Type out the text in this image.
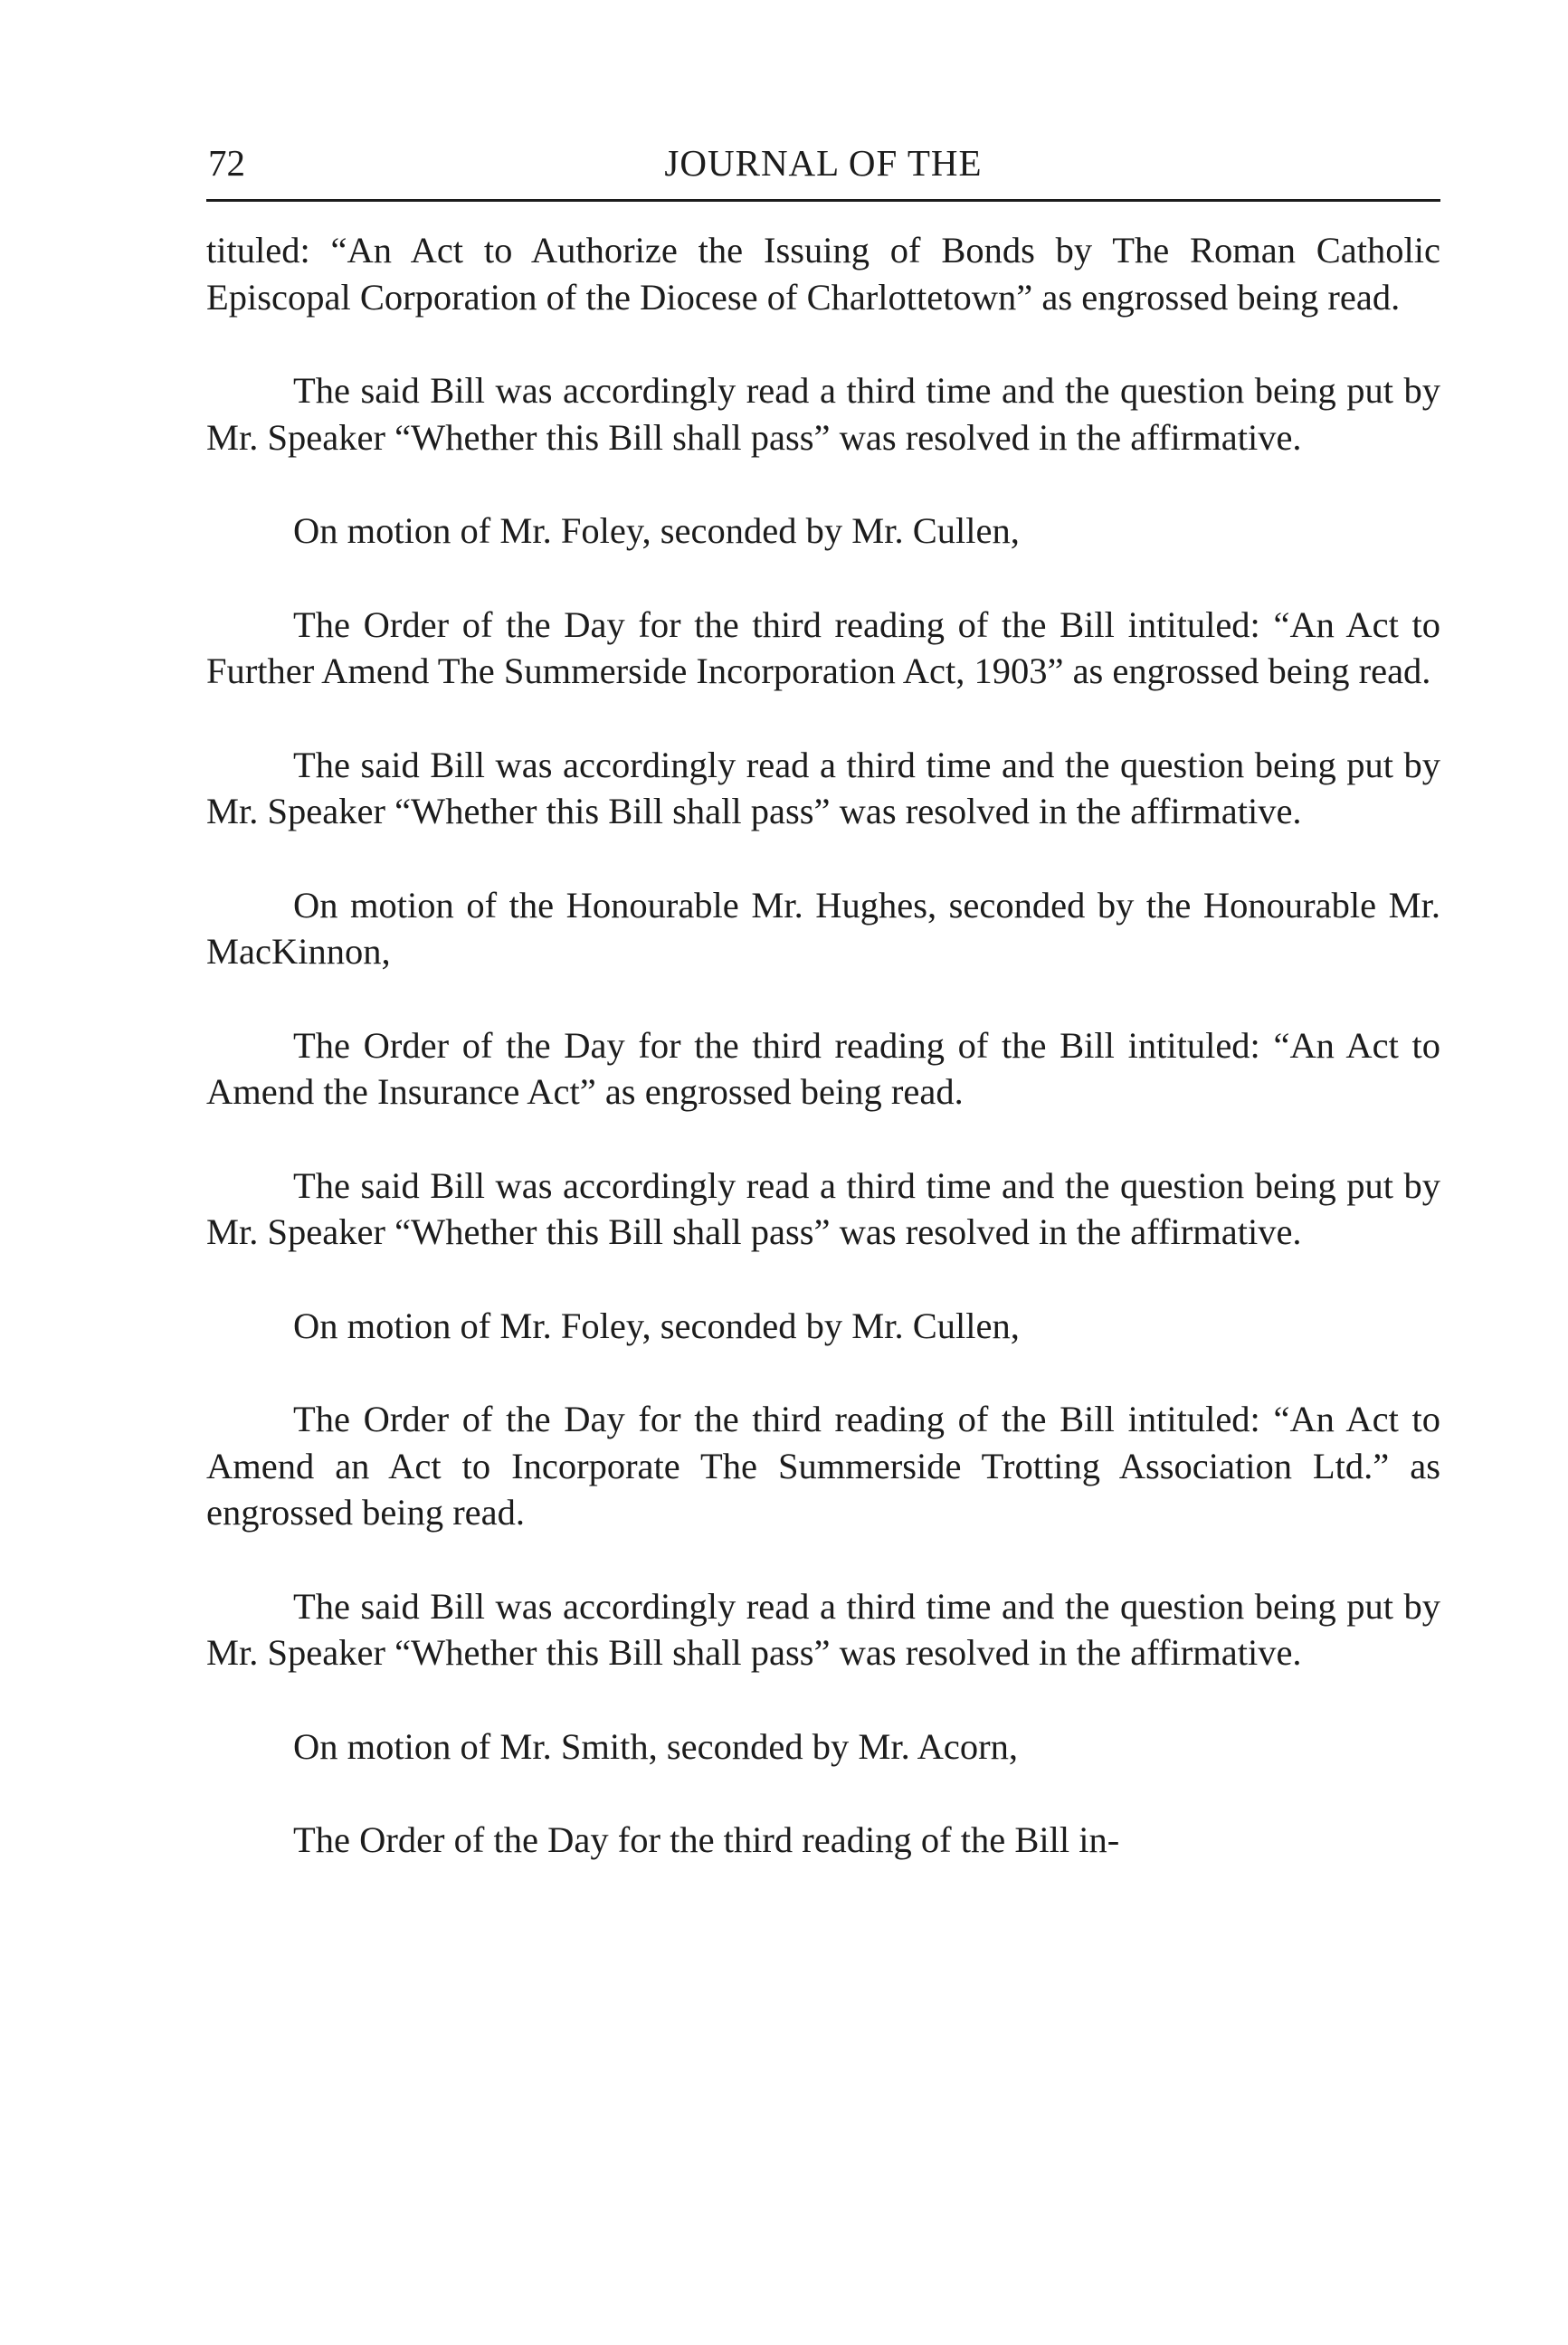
72	JOURNAL OF THE

tituled: “An Act to Authorize the Issuing of Bonds by The Roman Catholic Episcopal Corporation of the Diocese of Charlottetown” as engrossed being read.

The said Bill was accordingly read a third time and the question being put by Mr. Speaker “Whether this Bill shall pass” was resolved in the affirmative.

On motion of Mr. Foley, seconded by Mr. Cullen,

The Order of the Day for the third reading of the Bill intituled: “An Act to Further Amend The Summerside Incorporation Act, 1903” as engrossed being read.

The said Bill was accordingly read a third time and the question being put by Mr. Speaker “Whether this Bill shall pass” was resolved in the affirmative.

On motion of the Honourable Mr. Hughes, seconded by the Honourable Mr. MacKinnon,

The Order of the Day for the third reading of the Bill intituled: “An Act to Amend the Insurance Act” as engrossed being read.

The said Bill was accordingly read a third time and the question being put by Mr. Speaker “Whether this Bill shall pass” was resolved in the affirmative.

On motion of Mr. Foley, seconded by Mr. Cullen,

The Order of the Day for the third reading of the Bill intituled: “An Act to Amend an Act to Incorporate The Summerside Trotting Association Ltd.” as engrossed being read.

The said Bill was accordingly read a third time and the question being put by Mr. Speaker “Whether this Bill shall pass” was resolved in the affirmative.

On motion of Mr. Smith, seconded by Mr. Acorn,

The Order of the Day for the third reading of the Bill in-
